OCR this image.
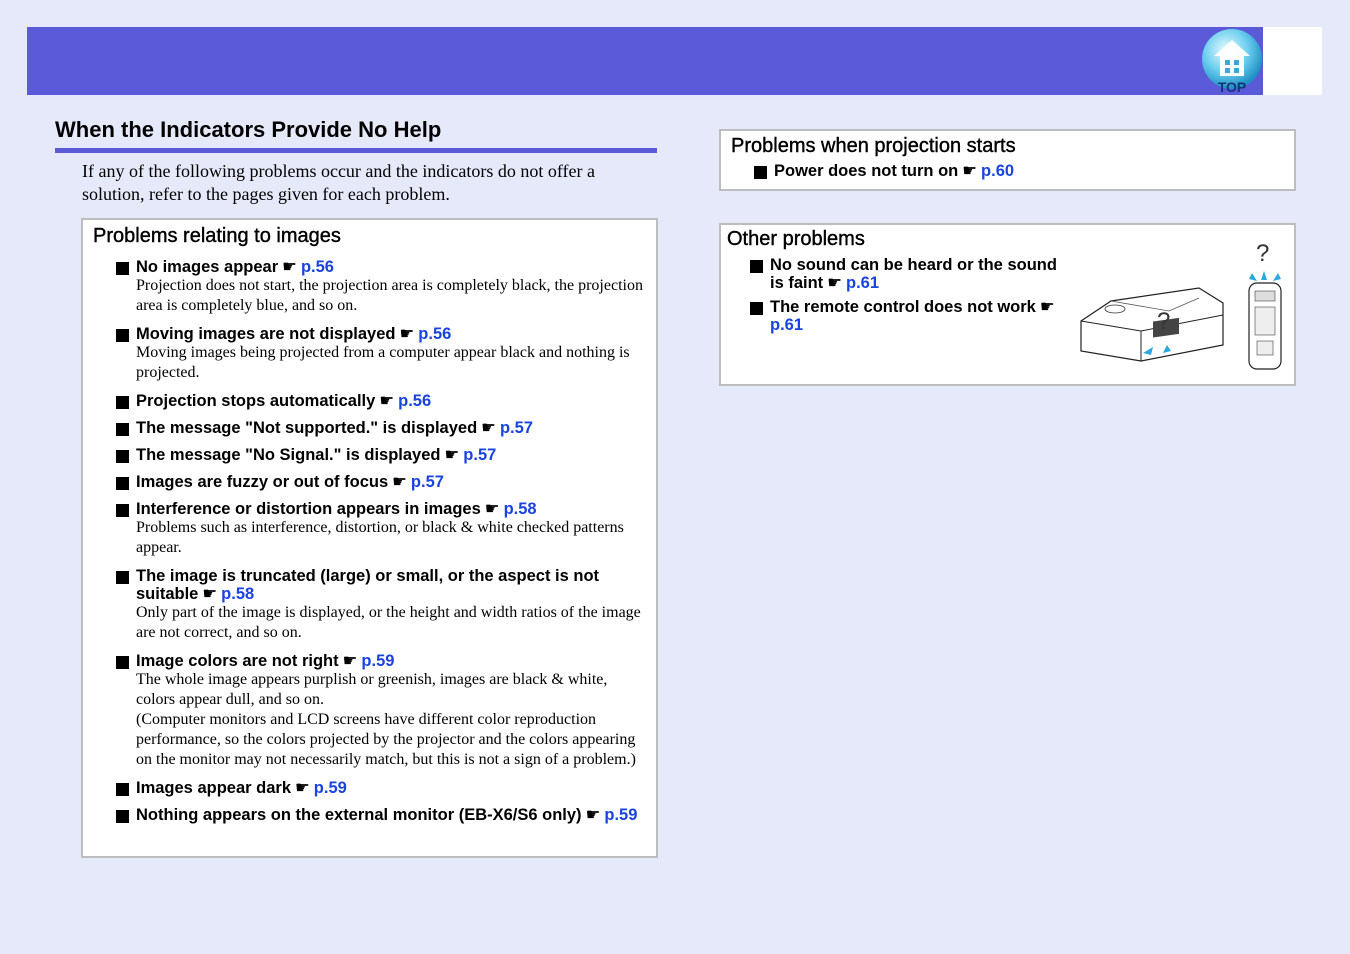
TOP
When the Indicators Provide No Help
If any of the following problems occur and the indicators do not offer a solution, refer to the pages given for each problem.
Problems relating to images
No images appear ☛ p.56
Projection does not start, the projection area is completely black, the projection area is completely blue, and so on.
Moving images are not displayed ☛ p.56
Moving images being projected from a computer appear black and nothing is projected.
Projection stops automatically ☛ p.56
The message "Not supported." is displayed ☛ p.57
The message "No Signal." is displayed ☛ p.57
Images are fuzzy or out of focus ☛ p.57
Interference or distortion appears in images ☛ p.58
Problems such as interference, distortion, or black & white checked patterns appear.
The image is truncated (large) or small, or the aspect is not suitable ☛ p.58
Only part of the image is displayed, or the height and width ratios of the image are not correct, and so on.
Image colors are not right ☛ p.59
The whole image appears purplish or greenish, images are black & white, colors appear dull, and so on.
(Computer monitors and LCD screens have different color reproduction performance, so the colors projected by the projector and the colors appearing on the monitor may not necessarily match, but this is not a sign of a problem.)
Images appear dark ☛ p.59
Nothing appears on the external monitor (EB-X6/S6 only) ☛ p.59
Problems when projection starts
Power does not turn on ☛ p.60
Other problems
No sound can be heard or the sound is faint ☛ p.61
The remote control does not work ☛p.61	?
?
